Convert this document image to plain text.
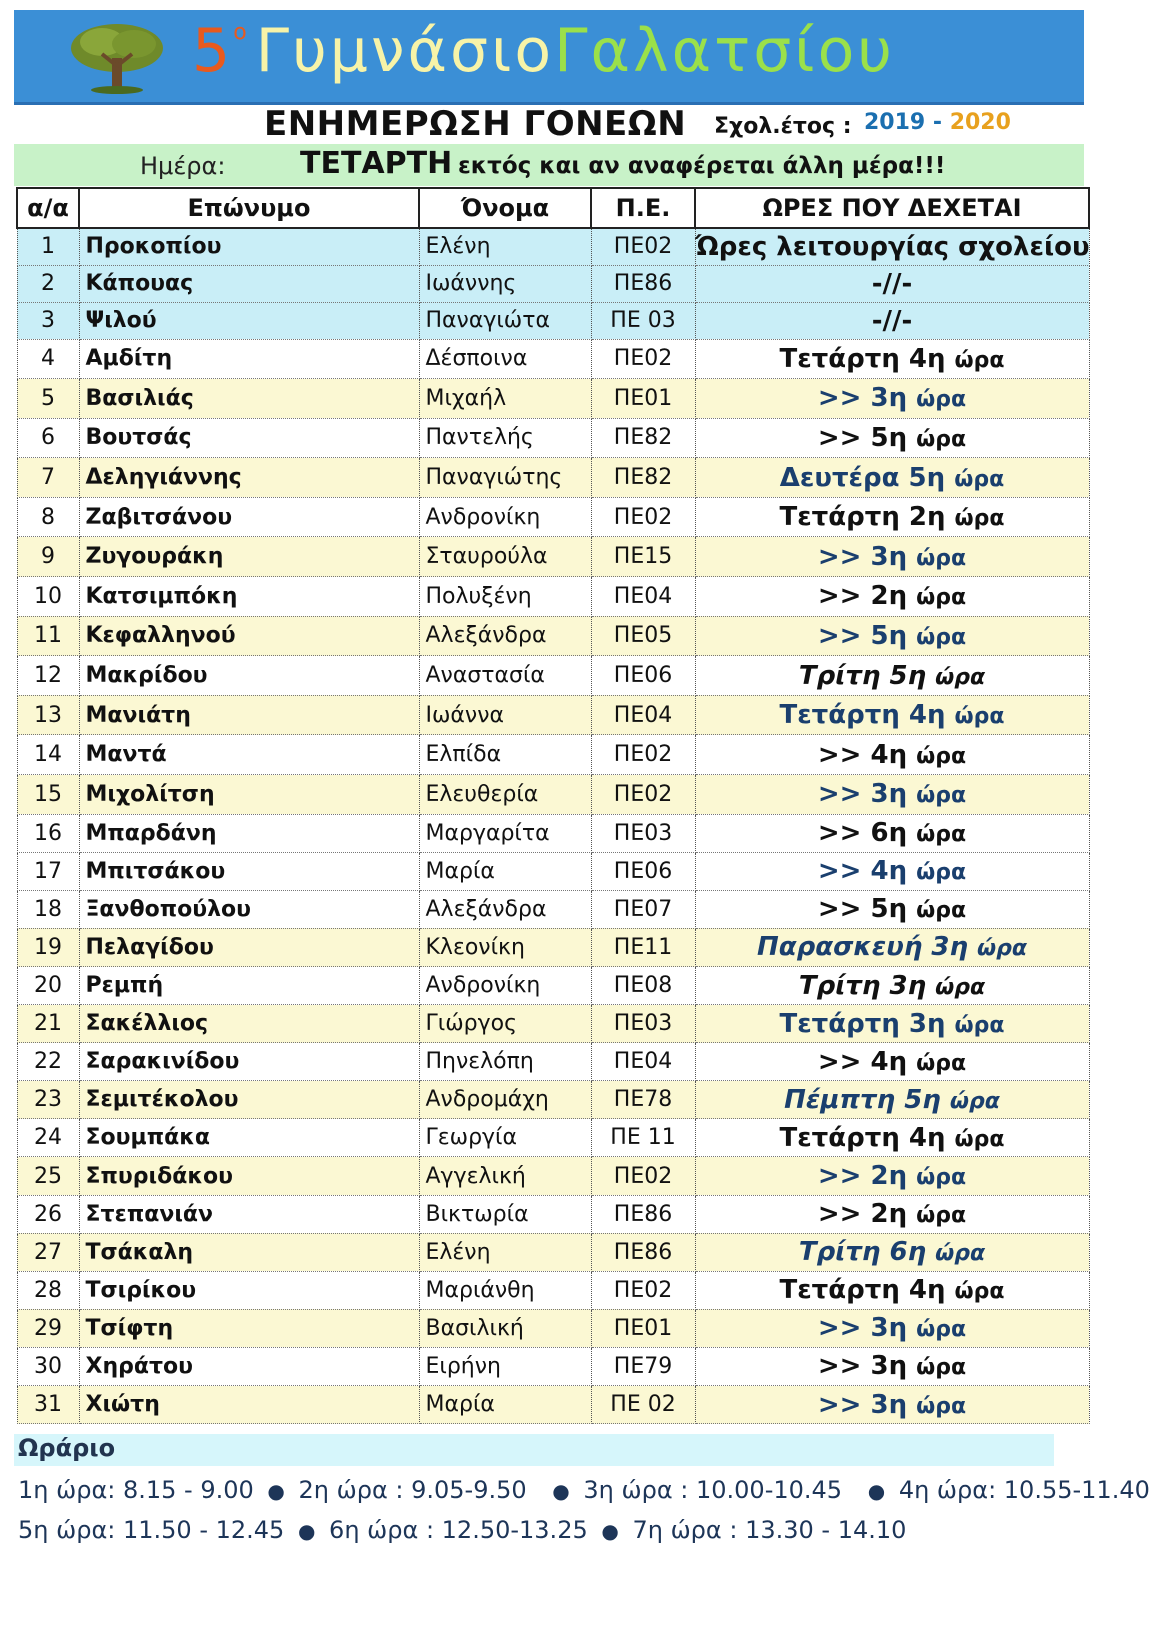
$5^o$ ΓυμνάσιοΓαλατσίου
ΕΝΗΜΕΡΩΣΗ ΓΟΝΕΩΝ Σχολ.έτος : 2019 - 2020
Ημέρα: ΤΕΤΑΡΤΗ εκτός και αν αναφέρεται άλλη μέρα!!!
α/α	Επώνυμο	Όνομα	Π.Ε.	ΩΡΕΣ ΠΟΥ ΔΕΧΕΤΑΙ
1	Προκοπίου	Ελένη	ΠΕ02	Ώρες λειτουργίας σχολείου
2	Κάπουας	Ιωάννης	ΠΕ86	-//-
3	Ψιλού	Παναγιώτα	ΠΕ 03	-//-
4	Αμδίτη	Δέσποινα	ΠΕ02	Τετάρτη 4η ώρα
5	Βασιλιάς	Μιχαήλ	ΠΕ01	>> 3η ώρα
6	Βουτσάς	Παντελής	ΠΕ82	>> 5η ώρα
7	Δεληγιάννης	Παναγιώτης	ΠΕ82	Δευτέρα 5η ώρα
8	Ζαβιτσάνου	Ανδρονίκη	ΠΕ02	Τετάρτη 2η ώρα
9	Ζυγουράκη	Σταυρούλα	ΠΕ15	>> 3η ώρα
10	Κατσιμπόκη	Πολυξένη	ΠΕ04	>> 2η ώρα
11	Κεφαλληνού	Αλεξάνδρα	ΠΕ05	>> 5η ώρα
12	Μακρίδου	Αναστασία	ΠΕ06	Τρίτη 5η ώρα
13	Μανιάτη	Ιωάννα	ΠΕ04	Τετάρτη 4η ώρα
14	Μαντά	Ελπίδα	ΠΕ02	>> 4η ώρα
15	Μιχολίτση	Ελευθερία	ΠΕ02	>> 3η ώρα
16	Μπαρδάνη	Μαργαρίτα	ΠΕ03	>> 6η ώρα
17	Μπιτσάκου	Μαρία	ΠΕ06	>> 4η ώρα
18	Ξανθοπούλου	Αλεξάνδρα	ΠΕ07	>> 5η ώρα
19	Πελαγίδου	Κλεονίκη	ΠΕ11	Παρασκευή 3η ώρα
20	Ρεμπή	Ανδρονίκη	ΠΕ08	Τρίτη 3η ώρα
21	Σακέλλιος	Γιώργος	ΠΕ03	Τετάρτη 3η ώρα
22	Σαρακινίδου	Πηνελόπη	ΠΕ04	>> 4η ώρα
23	Σεμιτέκολου	Ανδρομάχη	ΠΕ78	Πέμπτη 5η ώρα
24	Σουμπάκα	Γεωργία	ΠΕ 11	Τετάρτη 4η ώρα
25	Σπυριδάκου	Αγγελική	ΠΕ02	>> 2η ώρα
26	Στεπανιάν	Βικτωρία	ΠΕ86	>> 2η ώρα
27	Τσάκαλη	Ελένη	ΠΕ86	Τρίτη 6η ώρα
28	Τσιρίκου	Μαριάνθη	ΠΕ02	Τετάρτη 4η ώρα
29	Τσίφτη	Βασιλική	ΠΕ01	>> 3η ώρα
30	Χηράτου	Ειρήνη	ΠΕ79	>> 3η ώρα
31	Χιώτη	Μαρία	ΠΕ 02	>> 3η ώρα
Ωράριο
1η ώρα: 8.15 - 9.00 ● 2η ώρα : 9.05-9.50 ● 3η ώρα : 10.00-10.45 ● 4η ώρα: 10.55-11.40
5η ώρα: 11.50 - 12.45 ● 6η ώρα : 12.50-13.25 ● 7η ώρα : 13.30 - 14.10
